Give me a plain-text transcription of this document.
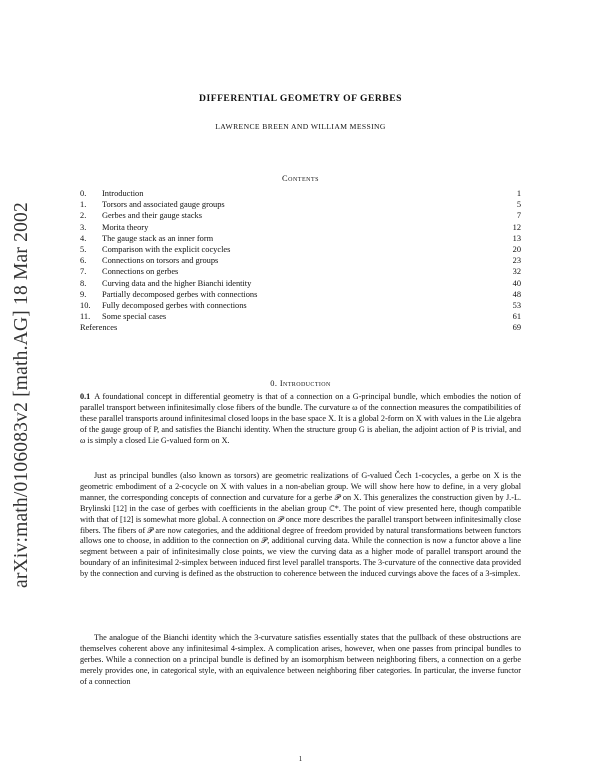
arXiv:math/0106083v2 [math.AG] 18 Mar 2002
DIFFERENTIAL GEOMETRY OF GERBES
LAWRENCE BREEN AND WILLIAM MESSING
Contents
0. Introduction	1
1. Torsors and associated gauge groups	5
2. Gerbes and their gauge stacks	7
3. Morita theory	12
4. The gauge stack as an inner form	13
5. Comparison with the explicit cocycles	20
6. Connections on torsors and groups	23
7. Connections on gerbes	32
8. Curving data and the higher Bianchi identity	40
9. Partially decomposed gerbes with connections	48
10. Fully decomposed gerbes with connections	53
11. Some special cases	61
References	69
0. Introduction
0.1 A foundational concept in differential geometry is that of a connection on a G-principal bundle, which embodies the notion of parallel transport between infinitesimally close fibers of the bundle. The curvature ω of the connection measures the compatibilities of these parallel transports around infinitesimal closed loops in the base space X. It is a global 2-form on X with values in the Lie algebra of the gauge group of P, and satisfies the Bianchi identity. When the structure group G is abelian, the adjoint action of P is trivial, and ω is simply a closed Lie G-valued form on X.
Just as principal bundles (also known as torsors) are geometric realizations of G-valued Čech 1-cocycles, a gerbe on X is the geometric embodiment of a 2-cocycle on X with values in a non-abelian group. We will show here how to define, in a very global manner, the corresponding concepts of connection and curvature for a gerbe 𝒫 on X. This generalizes the construction given by J.-L. Brylinski [12] in the case of gerbes with coefficients in the abelian group ℂ*. The point of view presented here, though compatible with that of [12] is somewhat more global. A connection on 𝒫 once more describes the parallel transport between infinitesimally close fibers. The fibers of 𝒫 are now categories, and the additional degree of freedom provided by natural transformations between functors allows one to choose, in addition to the connection on 𝒫, additional curving data. While the connection is now a functor above a line segment between a pair of infinitesimally close points, we view the curving data as a higher mode of parallel transport around the boundary of an infinitesimal 2-simplex between induced first level parallel transports. The 3-curvature of the connective data provided by the connection and curving is defined as the obstruction to coherence between the induced curvings above the faces of a 3-simplex.
The analogue of the Bianchi identity which the 3-curvature satisfies essentially states that the pullback of these obstructions are themselves coherent above any infinitesimal 4-simplex. A complication arises, however, when one passes from principal bundles to gerbes. While a connection on a principal bundle is defined by an isomorphism between neighboring fibers, a connection on a gerbe merely provides one, in categorical style, with an equivalence between neighboring fiber categories. In particular, the inverse functor of a connection
1
